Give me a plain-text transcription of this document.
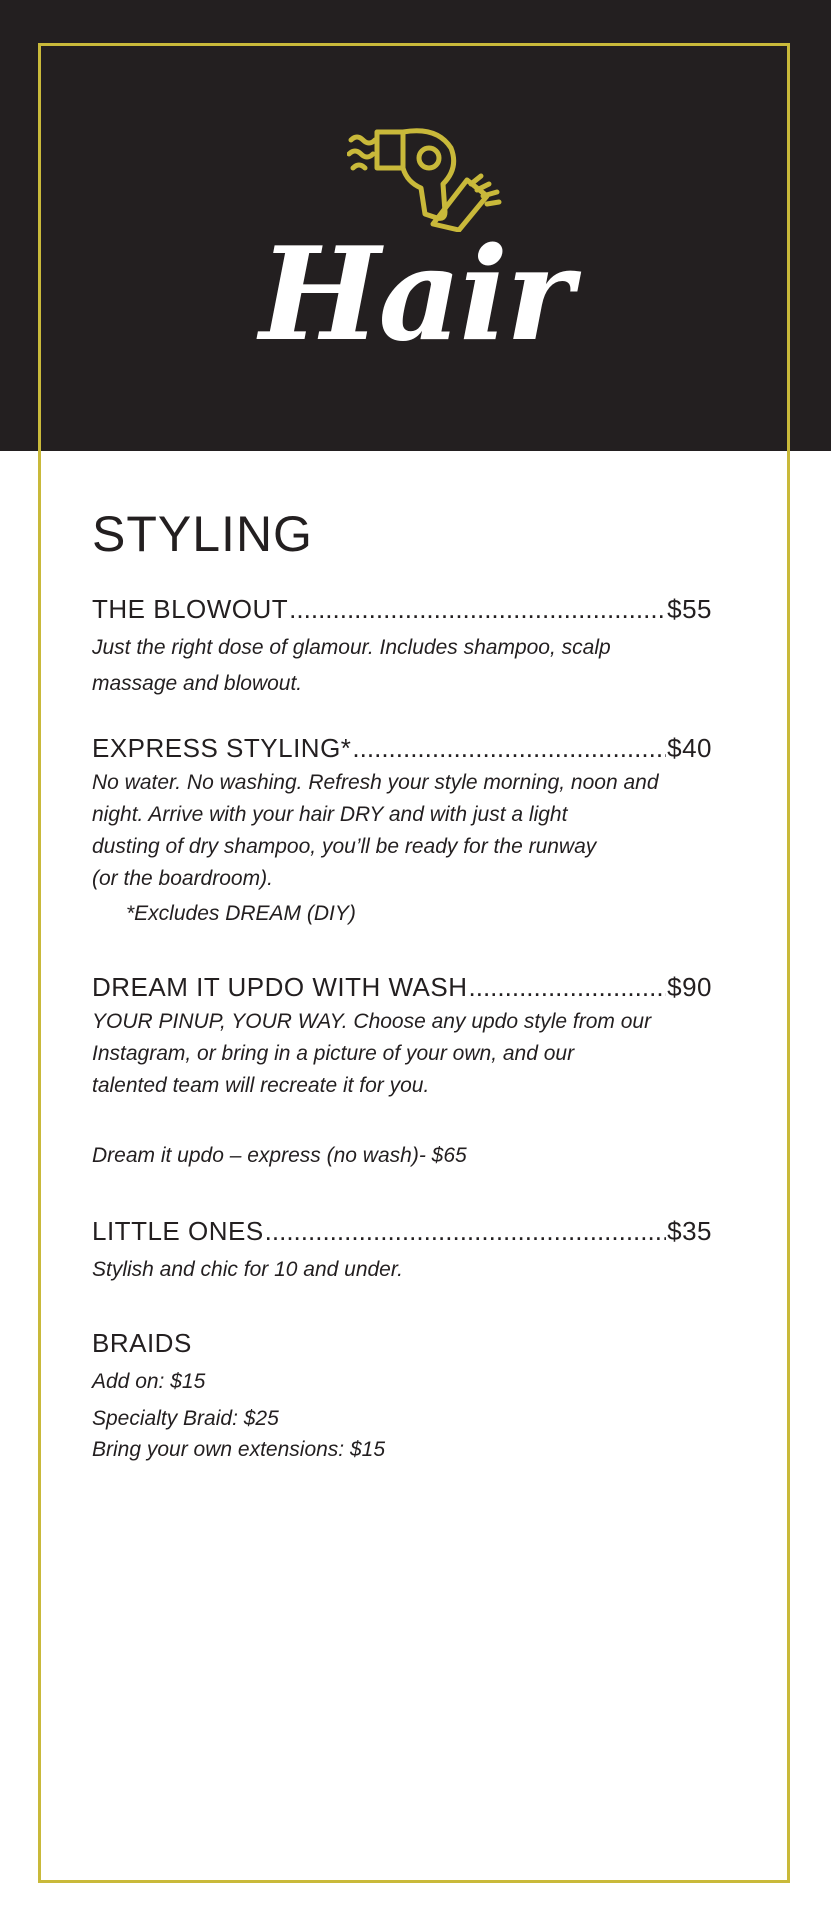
Hair
STYLING
THE BLOWOUT .....	$55

Just the right dose of glamour. Includes shampoo, scalp
massage and blowout.

EXPRESS STYLING* .....	$40

No water. No washing. Refresh your style morning, noon and
night. Arrive with your hair DRY and with just a light
dusting of dry shampoo, you’ll be ready for the runway
(or the boardroom).

*Excludes DREAM (DIY)

DREAM IT UPDO WITH WASH .....	$90

YOUR PINUP, YOUR WAY. Choose any updo style from our
Instagram, or bring in a picture of your own, and our
talented team will recreate it for you.

Dream it updo – express (no wash)- $65

LITTLE ONES .....	$35

Stylish and chic for 10 and under.

BRAIDS

Add on: $15

Specialty Braid: $25

Bring your own extensions: $15
